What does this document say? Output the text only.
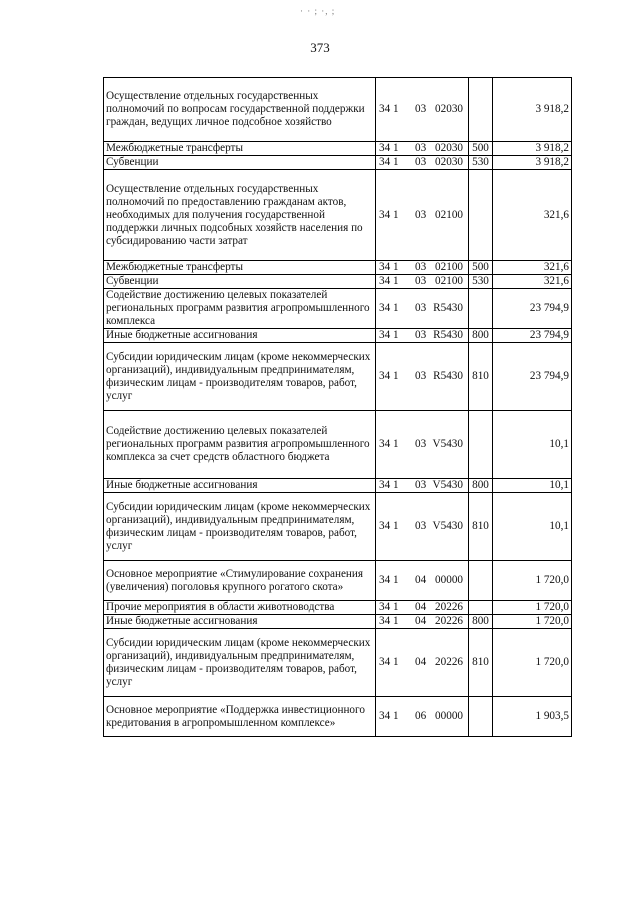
· · ; ·, ;
373
Осуществление отдельных государственных полномочий по вопросам государственной поддержки граждан, ведущих личное подсобное хозяйство	34 1 03 02030		3 918,2
Межбюджетные трансферты	34 1 03 02030	500	3 918,2
Субвенции	34 1 03 02030	530	3 918,2
Осуществление отдельных государственных полномочий по предоставлению гражданам актов, необходимых для получения государственной поддержки личных подсобных хозяйств населения по субсидированию части затрат	34 1 03 02100		321,6
Межбюджетные трансферты	34 1 03 02100	500	321,6
Субвенции	34 1 03 02100	530	321,6
Содействие достижению целевых показателей региональных программ развития агропромышленного комплекса	34 1 03 R5430		23 794,9
Иные бюджетные ассигнования	34 1 03 R5430	800	23 794,9
Субсидии юридическим лицам (кроме некоммерческих организаций), индивидуальным предпринимателям, физическим лицам - производителям товаров, работ, услуг	34 1 03 R5430	810	23 794,9
Содействие достижению целевых показателей региональных программ развития агропромышленного комплекса за счет средств областного бюджета	34 1 03 V5430		10,1
Иные бюджетные ассигнования	34 1 03 V5430	800	10,1
Субсидии юридическим лицам (кроме некоммерческих организаций), индивидуальным предпринимателям, физическим лицам - производителям товаров, работ, услуг	34 1 03 V5430	810	10,1
Основное мероприятие «Стимулирование сохранения (увеличения) поголовья крупного рогатого скота»	34 1 04 00000		1 720,0
Прочие мероприятия в области животноводства	34 1 04 20226		1 720,0
Иные бюджетные ассигнования	34 1 04 20226	800	1 720,0
Субсидии юридическим лицам (кроме некоммерческих организаций), индивидуальным предпринимателям, физическим лицам - производителям товаров, работ, услуг	34 1 04 20226	810	1 720,0
Основное мероприятие «Поддержка инвестиционного кредитования в агропромышленном комплексе»	34 1 06 00000		1 903,5
